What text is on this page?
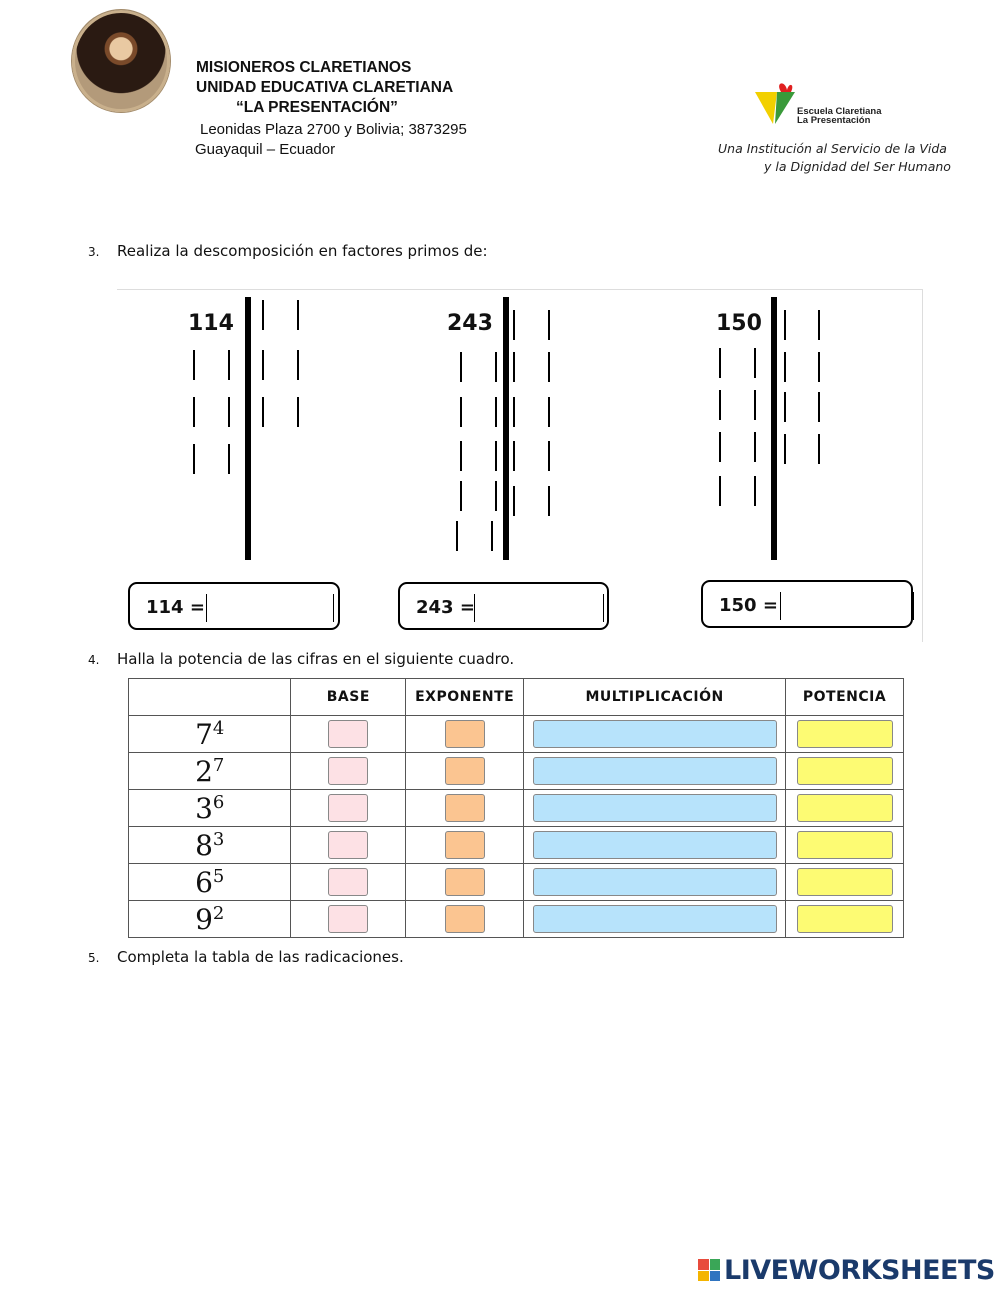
MISIONEROS CLARETIANOS
UNIDAD EDUCATIVA CLARETIANA
“LA PRESENTACIÓN”
Leonidas Plaza 2700 y Bolivia; 3873295
Guayaquil – Ecuador
Escuela Claretiana
La Presentación
Una Institución al Servicio de la Vida
y la Dignidad del Ser Humano
3. Realiza la descomposición en factores primos de:
114	243	150
114 =	243 =	150 =
4. Halla la potencia de las cifras en el siguiente cuadro.
	BASE	EXPONENTE	MULTIPLICACIÓN	POTENCIA
$7^4$	

$2^7$	

$3^6$	

$8^3$	

$6^5$	

$9^2$	

5. Completa la tabla de las radicaciones.
LIVEWORKSHEETS
